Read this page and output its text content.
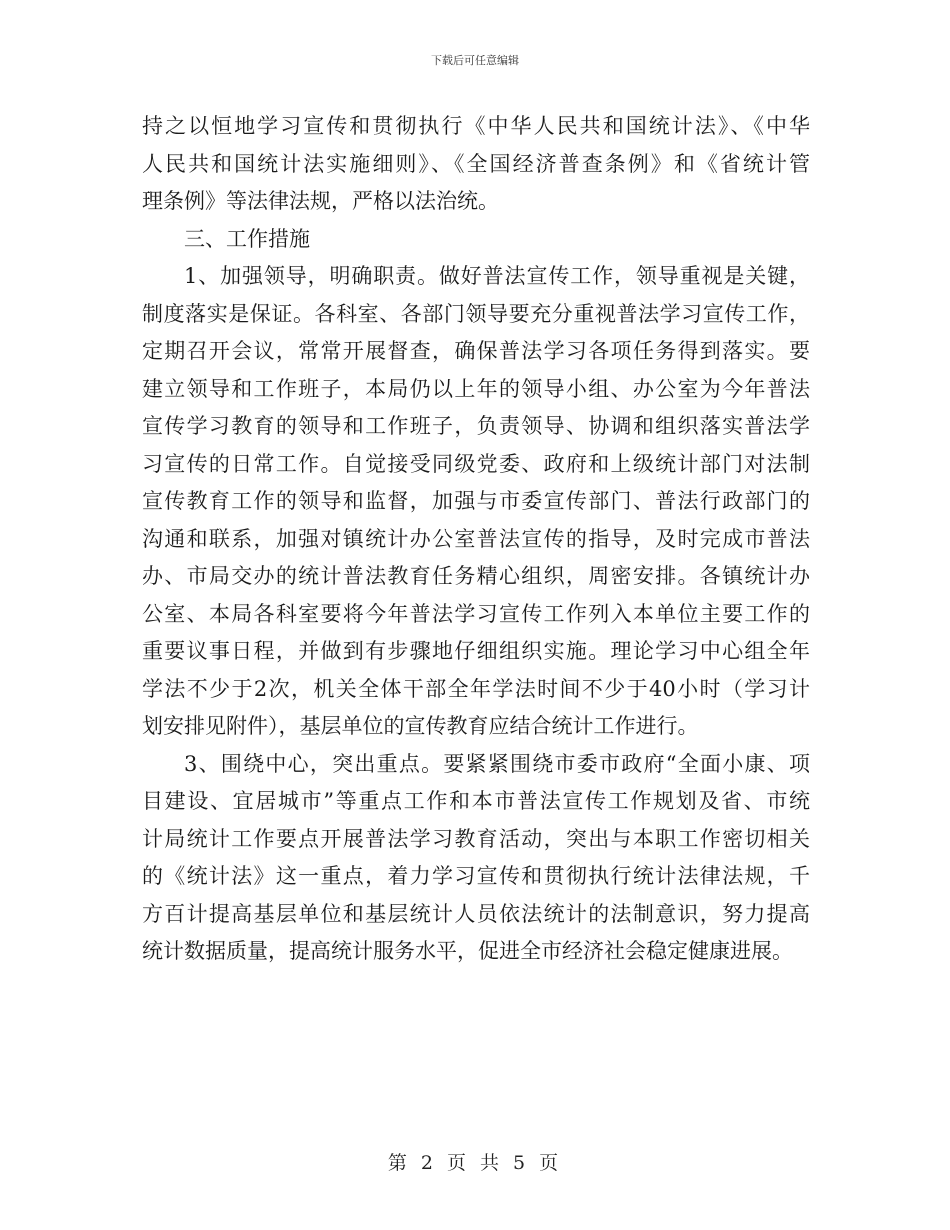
下载后可任意编辑
持之以恒地学习宣传和贯彻执行《中华人民共和国统计法》、《中华
人民共和国统计法实施细则》、《全国经济普查条例》和《省统计管
理条例》等法律法规，严格以法治统。
三、工作措施
1、加强领导，明确职责。做好普法宣传工作，领导重视是关键，
制度落实是保证。各科室、各部门领导要充分重视普法学习宣传工作，
定期召开会议，常常开展督查，确保普法学习各项任务得到落实。要
建立领导和工作班子，本局仍以上年的领导小组、办公室为今年普法
宣传学习教育的领导和工作班子，负责领导、协调和组织落实普法学
习宣传的日常工作。自觉接受同级党委、政府和上级统计部门对法制
宣传教育工作的领导和监督，加强与市委宣传部门、普法行政部门的
沟通和联系，加强对镇统计办公室普法宣传的指导，及时完成市普法
办、市局交办的统计普法教育任务精心组织，周密安排。各镇统计办
公室、本局各科室要将今年普法学习宣传工作列入本单位主要工作的
重要议事日程，并做到有步骤地仔细组织实施。理论学习中心组全年
学法不少于2次，机关全体干部全年学法时间不少于40小时（学习计
划安排见附件），基层单位的宣传教育应结合统计工作进行。
3、围绕中心，突出重点。要紧紧围绕市委市政府“全面小康、项
目建设、宜居城市”等重点工作和本市普法宣传工作规划及省、市统
计局统计工作要点开展普法学习教育活动，突出与本职工作密切相关
的《统计法》这一重点，着力学习宣传和贯彻执行统计法律法规，千
方百计提高基层单位和基层统计人员依法统计的法制意识，努力提高
统计数据质量，提高统计服务水平，促进全市经济社会稳定健康进展。
第 2 页 共 5 页
